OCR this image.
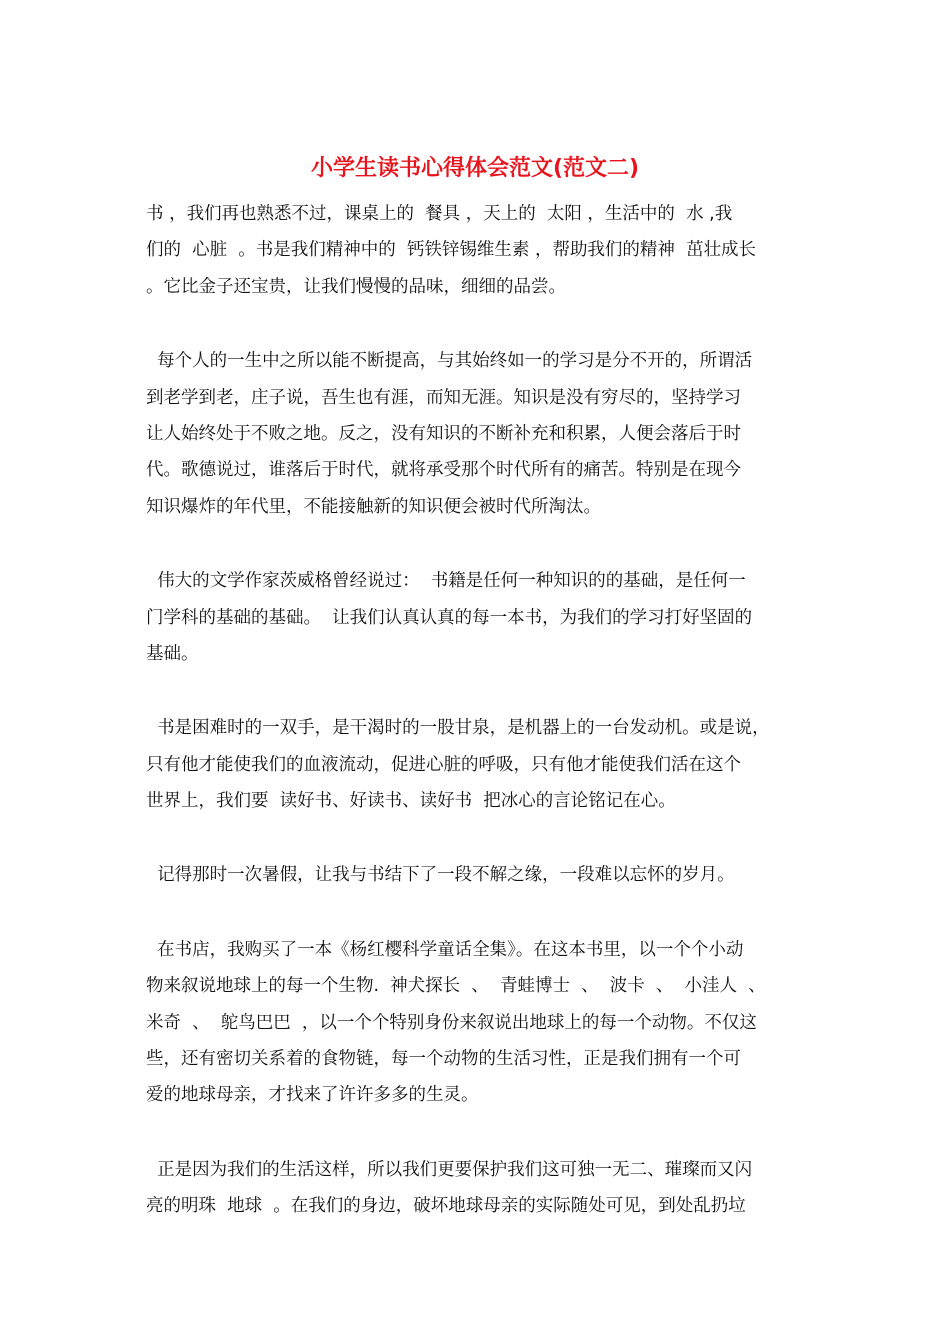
小学生读书心得体会范文(范文二)
书 ，我们再也熟悉不过，课桌上的  餐具 ，天上的  太阳 ，生活中的  水 ,我
们的  心脏  。书是我们精神中的  钙铁锌锡维生素 ，帮助我们的精神  茁壮成长
。它比金子还宝贵，让我们慢慢的品味，细细的品尝。
每个人的一生中之所以能不断提高，与其始终如一的学习是分不开的，所谓活
到老学到老，庄子说，吾生也有涯，而知无涯。知识是没有穷尽的，坚持学习
让人始终处于不败之地。反之，没有知识的不断补充和积累，人便会落后于时
代。歌德说过，谁落后于时代，就将承受那个时代所有的痛苦。特别是在现今
知识爆炸的年代里，不能接触新的知识便会被时代所淘汰。
伟大的文学作家茨威格曾经说过：  书籍是任何一种知识的的基础，是任何一
门学科的基础的基础。  让我们认真认真的每一本书，为我们的学习打好坚固的
基础。
书是困难时的一双手，是干渴时的一股甘泉，是机器上的一台发动机。或是说，
只有他才能使我们的血液流动，促进心脏的呼吸，只有他才能使我们活在这个
世界上，我们要  读好书、好读书、读好书  把冰心的言论铭记在心。
记得那时一次暑假，让我与书结下了一段不解之缘，一段难以忘怀的岁月。
在书店，我购买了一本《杨红樱科学童话全集》。在这本书里，以一个个小动
物来叙说地球上的每一个生物.  神犬探长  、  青蛙博士  、  波卡  、  小洼人  、
米奇  、  鸵鸟巴巴  ，以一个个特别身份来叙说出地球上的每一个动物。不仅这
些，还有密切关系着的食物链，每一个动物的生活习性，正是我们拥有一个可
爱的地球母亲，才找来了许许多多的生灵。
正是因为我们的生活这样，所以我们更要保护我们这可独一无二、璀璨而又闪
亮的明珠  地球  。在我们的身边，破坏地球母亲的实际随处可见，到处乱扔垃
